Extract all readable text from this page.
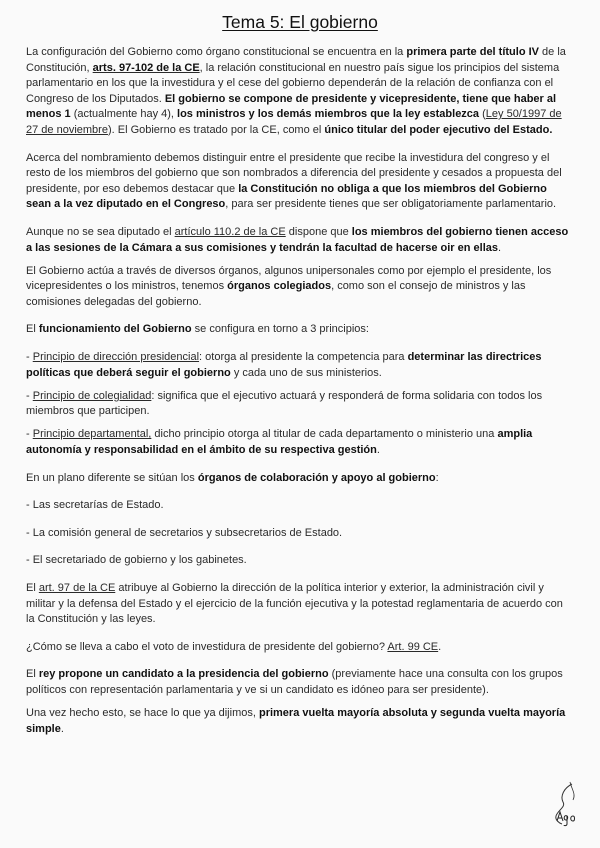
Tema 5: El gobierno

La configuración del Gobierno como órgano constitucional se encuentra en la primera parte del título IV de la Constitución, arts. 97-102 de la CE, la relación constitucional en nuestro país sigue los principios del sistema parlamentario en los que la investidura y el cese del gobierno dependerán de la relación de confianza con el Congreso de los Diputados. El gobierno se compone de presidente y vicepresidente, tiene que haber al menos 1 (actualmente hay 4), los ministros y los demás miembros que la ley establezca (Ley 50/1997 de 27 de noviembre). El Gobierno es tratado por la CE, como el único titular del poder ejecutivo del Estado.

Acerca del nombramiento debemos distinguir entre el presidente que recibe la investidura del congreso y el resto de los miembros del gobierno que son nombrados a diferencia del presidente y cesados a propuesta del presidente, por eso debemos destacar que la Constitución no obliga a que los miembros del Gobierno sean a la vez diputado en el Congreso, para ser presidente tienes que ser obligatoriamente parlamentario.

Aunque no se sea diputado el artículo 110.2 de la CE dispone que los miembros del gobierno tienen acceso a las sesiones de la Cámara a sus comisiones y tendrán la facultad de hacerse oir en ellas.

El Gobierno actúa a través de diversos órganos, algunos unipersonales como por ejemplo el presidente, los vicepresidentes o los ministros, tenemos órganos colegiados, como son el consejo de ministros y las comisiones delegadas del gobierno.

El funcionamiento del Gobierno se configura en torno a 3 principios:

- Principio de dirección presidencial: otorga al presidente la competencia para determinar las directrices políticas que deberá seguir el gobierno y cada uno de sus ministerios.

- Principio de colegialidad: significa que el ejecutivo actuará y responderá de forma solidaria con todos los miembros que participen.

- Principio departamental, dicho principio otorga al titular de cada departamento o ministerio una amplia autonomía y responsabilidad en el ámbito de su respectiva gestión.

En un plano diferente se sitúan los órganos de colaboración y apoyo al gobierno:

- Las secretarías de Estado.

- La comisión general de secretarios y subsecretarios de Estado.

- El secretariado de gobierno y los gabinetes.

El art. 97 de la CE atribuye al Gobierno la dirección de la política interior y exterior, la administración civil y militar y la defensa del Estado y el ejercicio de la función ejecutiva y la potestad reglamentaria de acuerdo con la Constitución y las leyes.

¿Cómo se lleva a cabo el voto de investidura de presidente del gobierno? Art. 99 CE.

El rey propone un candidato a la presidencia del gobierno (previamente hace una consulta con los grupos políticos con representación parlamentaria y ve si un candidato es idóneo para ser presidente).

Una vez hecho esto, se hace lo que ya dijimos, primera vuelta mayoría absoluta y segunda vuelta mayoría simple.
